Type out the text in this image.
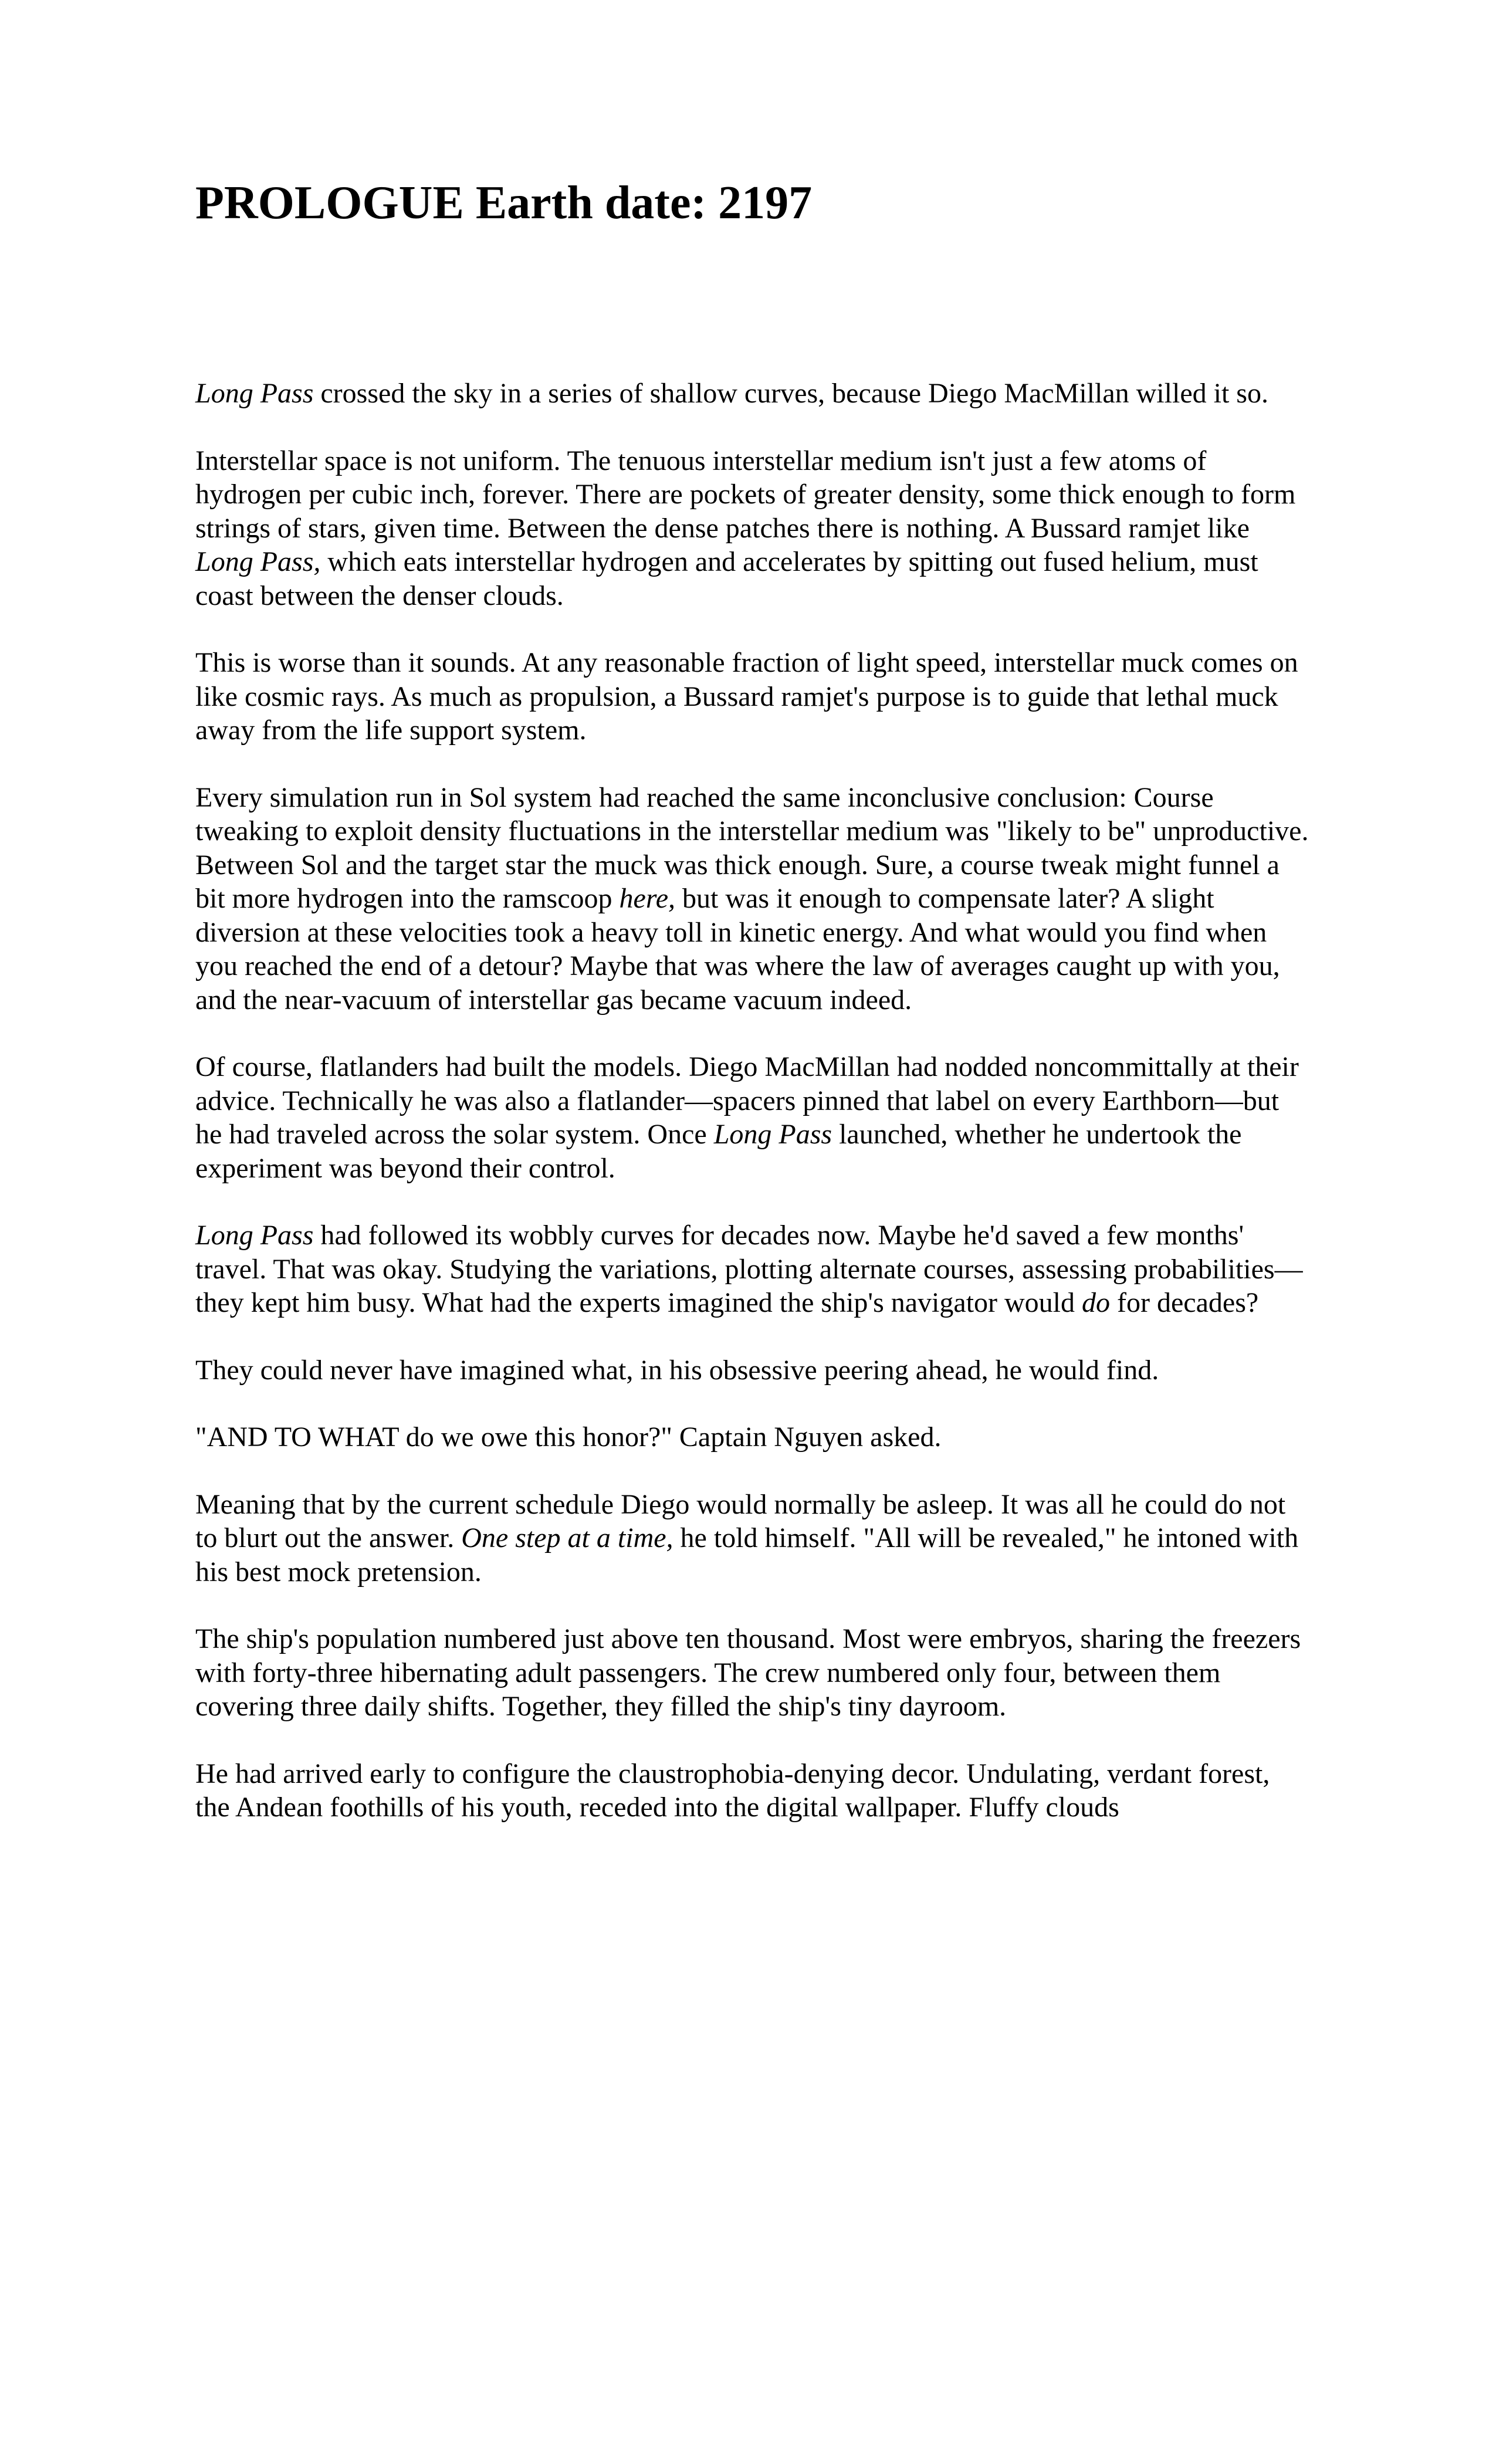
PROLOGUE Earth date: 2197

Long Pass crossed the sky in a series of shallow curves, because Diego MacMillan willed it so.

Interstellar space is not uniform. The tenuous interstellar medium isn't just a few atoms of hydrogen per cubic inch, forever. There are pockets of greater density, some thick enough to form strings of stars, given time. Between the dense patches there is nothing. A Bussard ramjet like Long Pass, which eats interstellar hydrogen and accelerates by spitting out fused helium, must coast between the denser clouds.

This is worse than it sounds. At any reasonable fraction of light speed, interstellar muck comes on like cosmic rays. As much as propulsion, a Bussard ramjet's purpose is to guide that lethal muck away from the life support system.

Every simulation run in Sol system had reached the same inconclusive conclusion: Course tweaking to exploit density fluctuations in the interstellar medium was "likely to be" unproductive. Between Sol and the target star the muck was thick enough. Sure, a course tweak might funnel a bit more hydrogen into the ramscoop here, but was it enough to compensate later? A slight diversion at these velocities took a heavy toll in kinetic energy. And what would you find when you reached the end of a detour? Maybe that was where the law of averages caught up with you, and the near-vacuum of interstellar gas became vacuum indeed.

Of course, flatlanders had built the models. Diego MacMillan had nodded noncommittally at their advice. Technically he was also a flatlander—spacers pinned that label on every Earthborn—but he had traveled across the solar system. Once Long Pass launched, whether he undertook the experiment was beyond their control.

Long Pass had followed its wobbly curves for decades now. Maybe he'd saved a few months' travel. That was okay. Studying the variations, plotting alternate courses, assessing probabilities—they kept him busy. What had the experts imagined the ship's navigator would do for decades?

They could never have imagined what, in his obsessive peering ahead, he would find.

"AND TO WHAT do we owe this honor?" Captain Nguyen asked.

Meaning that by the current schedule Diego would normally be asleep. It was all he could do not to blurt out the answer. One step at a time, he told himself. "All will be revealed," he intoned with his best mock pretension.

The ship's population numbered just above ten thousand. Most were embryos, sharing the freezers with forty-three hibernating adult passengers. The crew numbered only four, between them covering three daily shifts. Together, they filled the ship's tiny dayroom.

He had arrived early to configure the claustrophobia-denying decor. Undulating, verdant forest, the Andean foothills of his youth, receded into the digital wallpaper. Fluffy clouds
